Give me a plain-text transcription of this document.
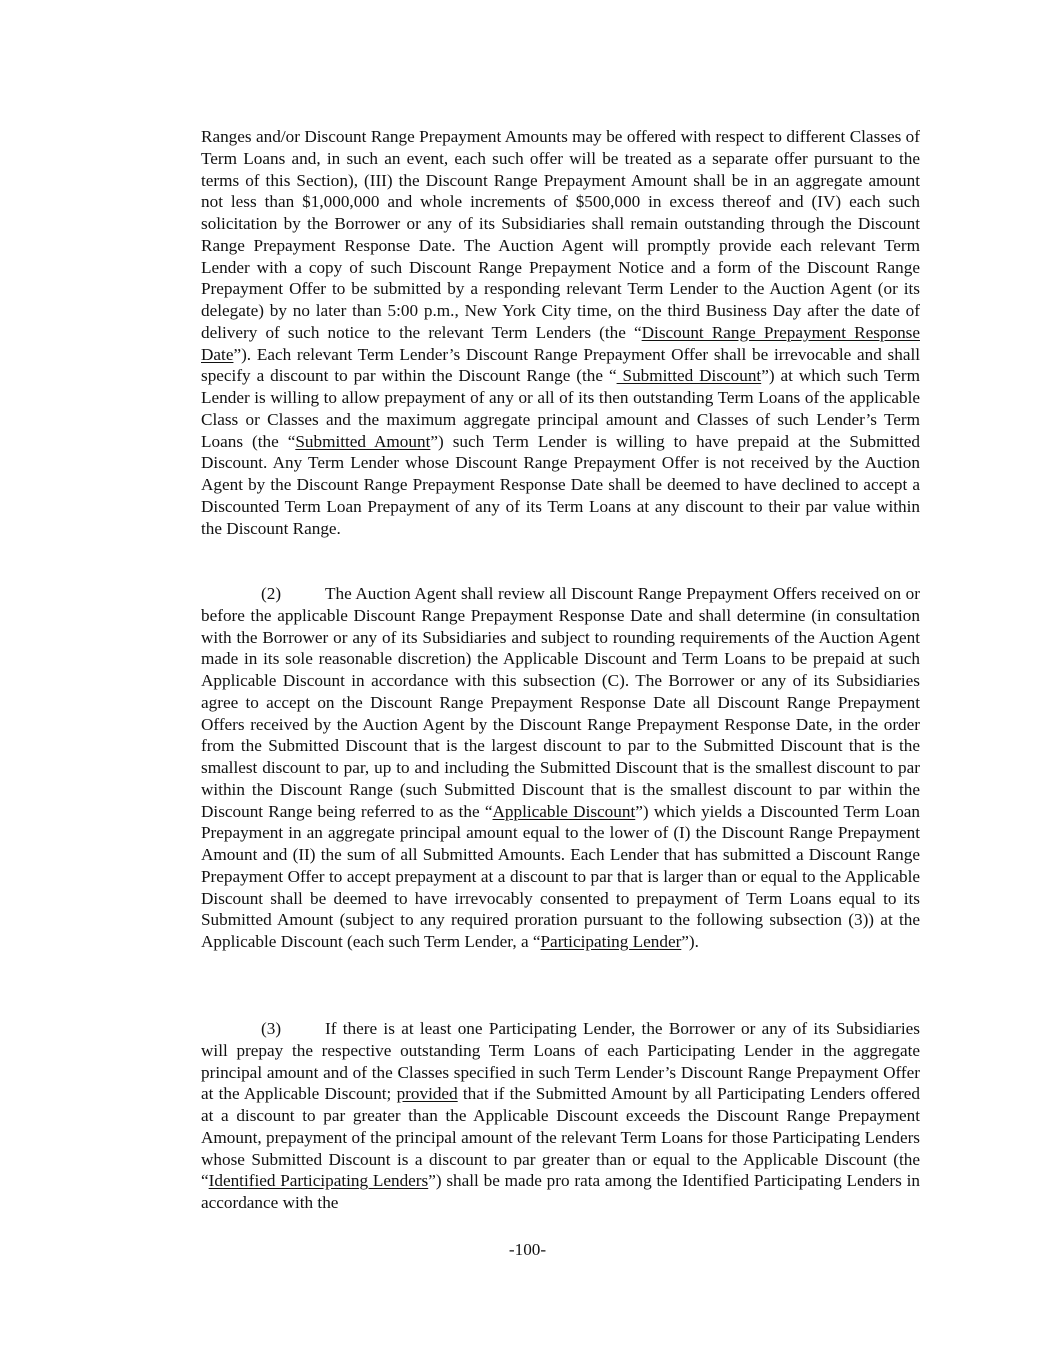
Ranges and/or Discount Range Prepayment Amounts may be offered with respect to different Classes of Term Loans and, in such an event, each such offer will be treated as a separate offer pursuant to the terms of this Section), (III) the Discount Range Prepayment Amount shall be in an aggregate amount not less than $1,000,000 and whole increments of $500,000 in excess thereof and (IV) each such solicitation by the Borrower or any of its Subsidiaries shall remain outstanding through the Discount Range Prepayment Response Date. The Auction Agent will promptly provide each relevant Term Lender with a copy of such Discount Range Prepayment Notice and a form of the Discount Range Prepayment Offer to be submitted by a responding relevant Term Lender to the Auction Agent (or its delegate) by no later than 5:00 p.m., New York City time, on the third Business Day after the date of delivery of such notice to the relevant Term Lenders (the “Discount Range Prepayment Response Date”). Each relevant Term Lender’s Discount Range Prepayment Offer shall be irrevocable and shall specify a discount to par within the Discount Range (the “ Submitted Discount”) at which such Term Lender is willing to allow prepayment of any or all of its then outstanding Term Loans of the applicable Class or Classes and the maximum aggregate principal amount and Classes of such Lender’s Term Loans (the “Submitted Amount”) such Term Lender is willing to have prepaid at the Submitted Discount. Any Term Lender whose Discount Range Prepayment Offer is not received by the Auction Agent by the Discount Range Prepayment Response Date shall be deemed to have declined to accept a Discounted Term Loan Prepayment of any of its Term Loans at any discount to their par value within the Discount Range.

(2)	The Auction Agent shall review all Discount Range Prepayment Offers received on or before the applicable Discount Range Prepayment Response Date and shall determine (in consultation with the Borrower or any of its Subsidiaries and subject to rounding requirements of the Auction Agent made in its sole reasonable discretion) the Applicable Discount and Term Loans to be prepaid at such Applicable Discount in accordance with this subsection (C). The Borrower or any of its Subsidiaries agree to accept on the Discount Range Prepayment Response Date all Discount Range Prepayment Offers received by the Auction Agent by the Discount Range Prepayment Response Date, in the order from the Submitted Discount that is the largest discount to par to the Submitted Discount that is the smallest discount to par, up to and including the Submitted Discount that is the smallest discount to par within the Discount Range (such Submitted Discount that is the smallest discount to par within the Discount Range being referred to as the “Applicable Discount”) which yields a Discounted Term Loan Prepayment in an aggregate principal amount equal to the lower of (I) the Discount Range Prepayment Amount and (II) the sum of all Submitted Amounts. Each Lender that has submitted a Discount Range Prepayment Offer to accept prepayment at a discount to par that is larger than or equal to the Applicable Discount shall be deemed to have irrevocably consented to prepayment of Term Loans equal to its Submitted Amount (subject to any required proration pursuant to the following subsection (3)) at the Applicable Discount (each such Term Lender, a “Participating Lender”).

(3)	If there is at least one Participating Lender, the Borrower or any of its Subsidiaries will prepay the respective outstanding Term Loans of each Participating Lender in the aggregate principal amount and of the Classes specified in such Term Lender’s Discount Range Prepayment Offer at the Applicable Discount; provided that if the Submitted Amount by all Participating Lenders offered at a discount to par greater than the Applicable Discount exceeds the Discount Range Prepayment Amount, prepayment of the principal amount of the relevant Term Loans for those Participating Lenders whose Submitted Discount is a discount to par greater than or equal to the Applicable Discount (the “Identified Participating Lenders”) shall be made pro rata among the Identified Participating Lenders in accordance with the

-100-
